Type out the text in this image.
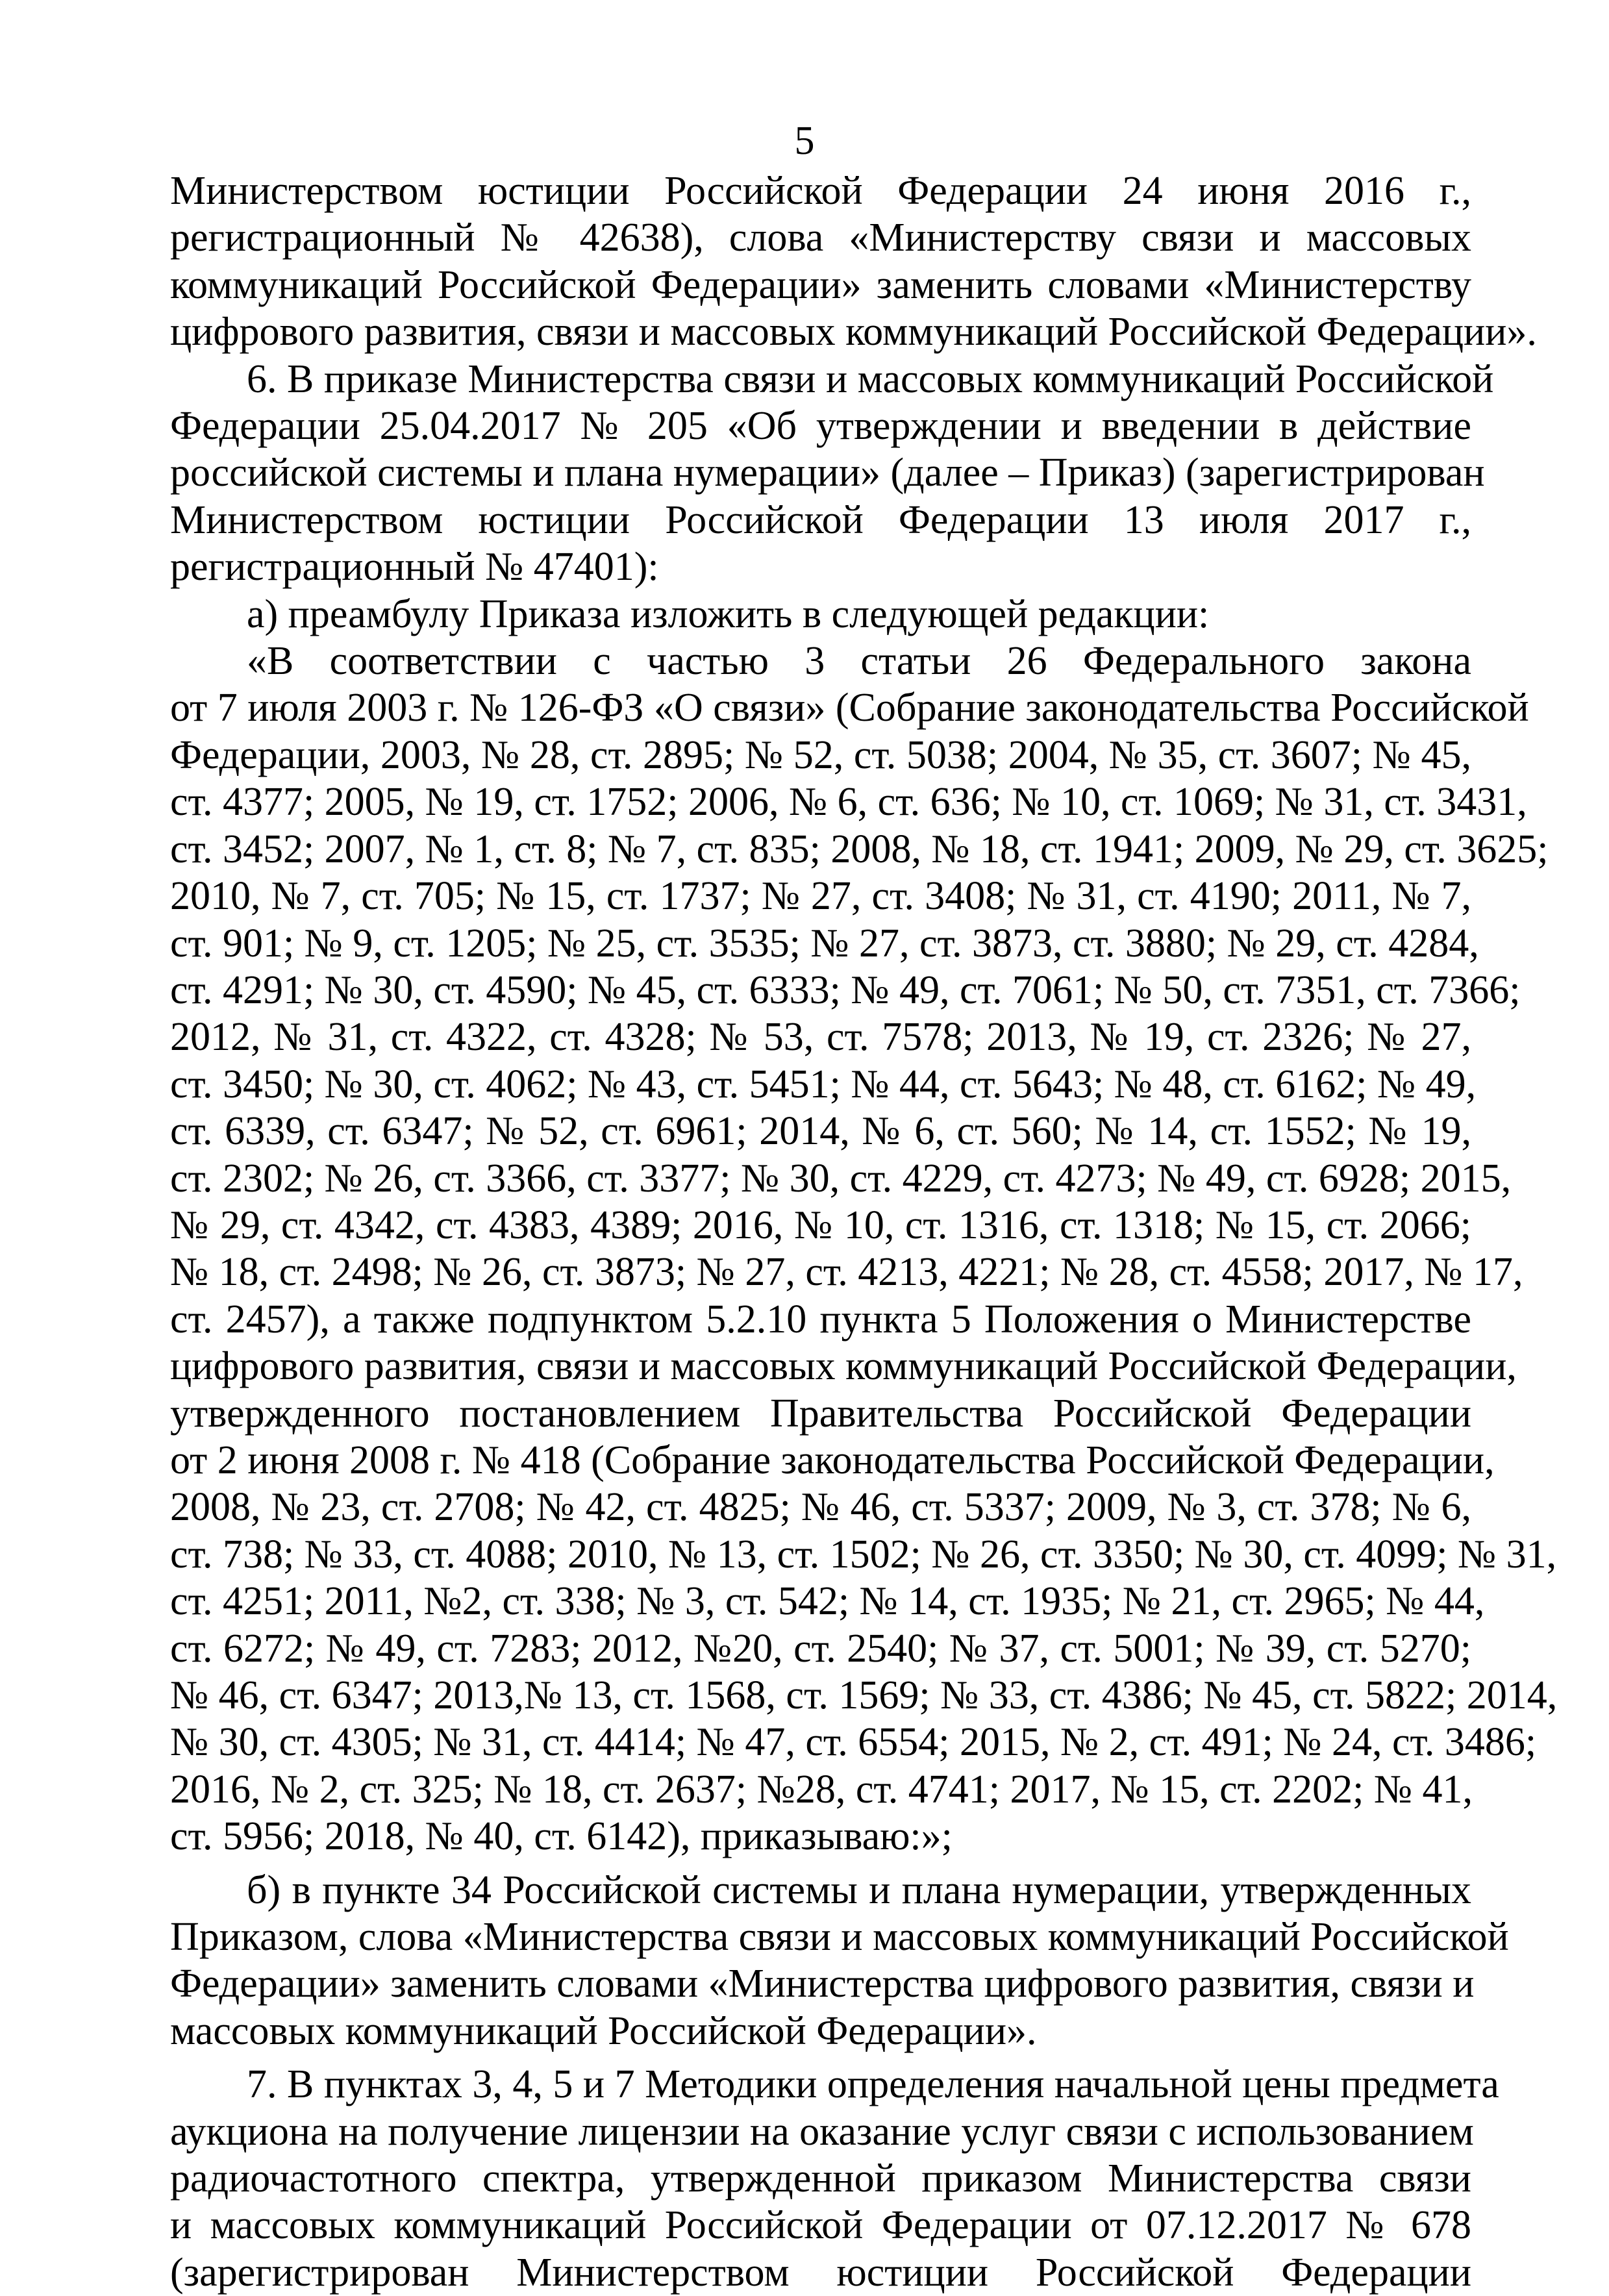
5
Министерством юстиции Российской Федерации 24 июня 2016 г.,
регистрационный № 42638), слова «Министерству связи и массовых
коммуникаций Российской Федерации» заменить словами «Министерству
цифрового развития, связи и массовых коммуникаций Российской Федерации».
6. В приказе Министерства связи и массовых коммуникаций Российской
Федерации 25.04.2017 № 205 «Об утверждении и введении в действие
российской системы и плана нумерации» (далее – Приказ) (зарегистрирован
Министерством юстиции Российской Федерации 13 июля 2017 г.,
регистрационный № 47401):
а) преамбулу Приказа изложить в следующей редакции:
«В соответствии с частью 3 статьи 26 Федерального закона
от 7 июля 2003 г. № 126-ФЗ «О связи» (Собрание законодательства Российской
Федерации, 2003, № 28, ст. 2895; № 52, ст. 5038; 2004, № 35, ст. 3607; № 45,
ст. 4377; 2005, № 19, ст. 1752; 2006, № 6, ст. 636; № 10, ст. 1069; № 31, ст. 3431,
ст. 3452; 2007, № 1, ст. 8; № 7, ст. 835; 2008, № 18, ст. 1941; 2009, № 29, ст. 3625;
2010, № 7, ст. 705; № 15, ст. 1737; № 27, ст. 3408; № 31, ст. 4190; 2011, № 7,
ст. 901; № 9, ст. 1205; № 25, ст. 3535; № 27, ст. 3873, ст. 3880; № 29, ст. 4284,
ст. 4291; № 30, ст. 4590; № 45, ст. 6333; № 49, ст. 7061; № 50, ст. 7351, ст. 7366;
2012, № 31, ст. 4322, ст. 4328; № 53, ст. 7578; 2013, № 19, ст. 2326; № 27,
ст. 3450; № 30, ст. 4062; № 43, ст. 5451; № 44, ст. 5643; № 48, ст. 6162; № 49,
ст. 6339, ст. 6347; № 52, ст. 6961; 2014, № 6, ст. 560; № 14, ст. 1552; № 19,
ст. 2302; № 26, ст. 3366, ст. 3377; № 30, ст. 4229, ст. 4273; № 49, ст. 6928; 2015,
№ 29, ст. 4342, ст. 4383, 4389; 2016, № 10, ст. 1316, ст. 1318; № 15, ст. 2066;
№ 18, ст. 2498; № 26, ст. 3873; № 27, ст. 4213, 4221; № 28, ст. 4558; 2017, № 17,
ст. 2457), а также подпунктом 5.2.10 пункта 5 Положения о Министерстве
цифрового развития, связи и массовых коммуникаций Российской Федерации,
утвержденного постановлением Правительства Российской Федерации
от 2 июня 2008 г. № 418 (Собрание законодательства Российской Федерации,
2008, № 23, ст. 2708; № 42, ст. 4825; № 46, ст. 5337; 2009, № 3, ст. 378; № 6,
ст. 738; № 33, ст. 4088; 2010, № 13, ст. 1502; № 26, ст. 3350; № 30, ст. 4099; № 31,
ст. 4251; 2011, №2, ст. 338; № 3, ст. 542; № 14, ст. 1935; № 21, ст. 2965; № 44,
ст. 6272; № 49, ст. 7283; 2012, №20, ст. 2540; № 37, ст. 5001; № 39, ст. 5270;
№ 46, ст. 6347; 2013,№ 13, ст. 1568, ст. 1569; № 33, ст. 4386; № 45, ст. 5822; 2014,
№ 30, ст. 4305; № 31, ст. 4414; № 47, ст. 6554; 2015, № 2, ст. 491; № 24, ст. 3486;
2016, № 2, ст. 325; № 18, ст. 2637; №28, ст. 4741; 2017, № 15, ст. 2202; № 41,
ст. 5956; 2018, № 40, ст. 6142), приказываю:»;
б) в пункте 34 Российской системы и плана нумерации, утвержденных
Приказом, слова «Министерства связи и массовых коммуникаций Российской
Федерации» заменить словами «Министерства цифрового развития, связи и
массовых коммуникаций Российской Федерации».
7. В пунктах 3, 4, 5 и 7 Методики определения начальной цены предмета
аукциона на получение лицензии на оказание услуг связи с использованием
радиочастотного спектра, утвержденной приказом Министерства связи
и массовых коммуникаций Российской Федерации от 07.12.2017 № 678
(зарегистрирован Министерством юстиции Российской Федерации
